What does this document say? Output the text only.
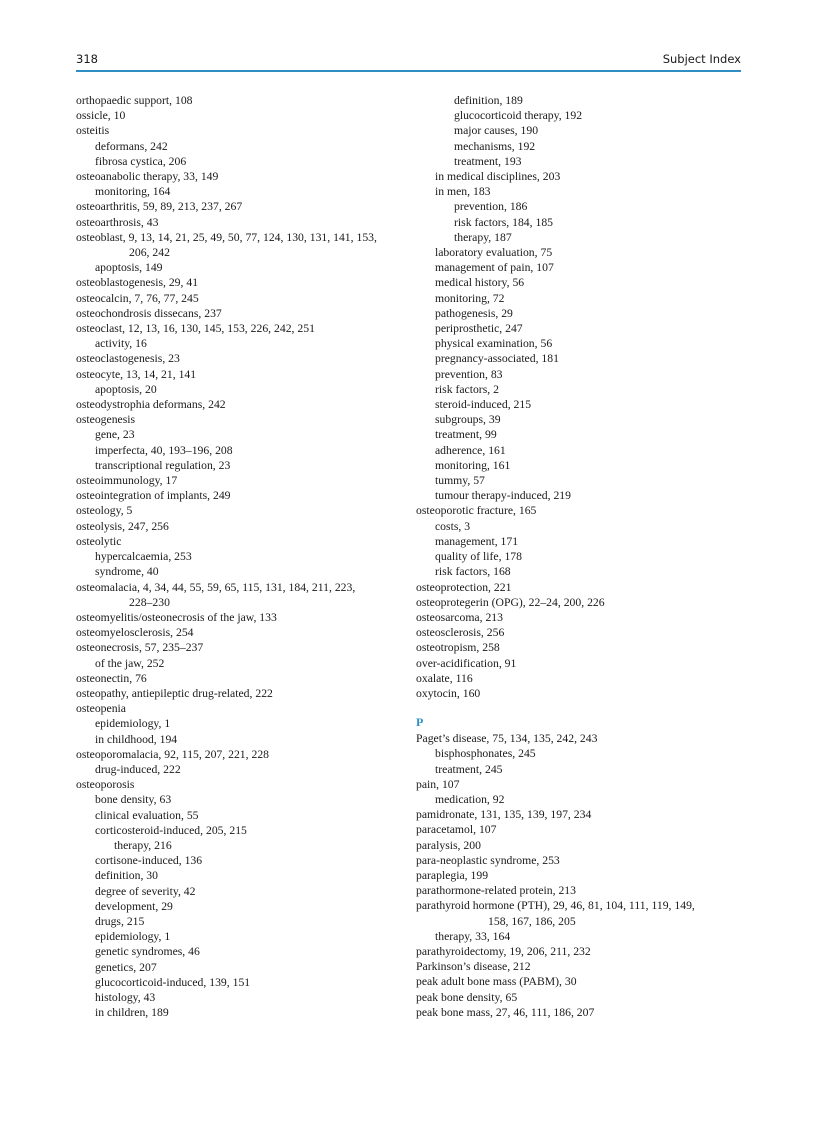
318	Subject Index
orthopaedic support, 108
ossicle, 10
osteitis
deformans, 242
fibrosa cystica, 206
osteoanabolic therapy, 33, 149
monitoring, 164
osteoarthritis, 59, 89, 213, 237, 267
osteoarthrosis, 43
osteoblast, 9, 13, 14, 21, 25, 49, 50, 77, 124, 130, 131, 141, 153,
206, 242
apoptosis, 149
osteoblastogenesis, 29, 41
osteocalcin, 7, 76, 77, 245
osteochondrosis dissecans, 237
osteoclast, 12, 13, 16, 130, 145, 153, 226, 242, 251
activity, 16
osteoclastogenesis, 23
osteocyte, 13, 14, 21, 141
apoptosis, 20
osteodystrophia deformans, 242
osteogenesis
gene, 23
imperfecta, 40, 193–196, 208
transcriptional regulation, 23
osteoimmunology, 17
osteointegration of implants, 249
osteology, 5
osteolysis, 247, 256
osteolytic
hypercalcaemia, 253
syndrome, 40
osteomalacia, 4, 34, 44, 55, 59, 65, 115, 131, 184, 211, 223,
228–230
osteomyelitis/osteonecrosis of the jaw, 133
osteomyelosclerosis, 254
osteonecrosis, 57, 235–237
of the jaw, 252
osteonectin, 76
osteopathy, antiepileptic drug-related, 222
osteopenia
epidemiology, 1
in childhood, 194
osteoporomalacia, 92, 115, 207, 221, 228
drug-induced, 222
osteoporosis
bone density, 63
clinical evaluation, 55
corticosteroid-induced, 205, 215
therapy, 216
cortisone-induced, 136
definition, 30
degree of severity, 42
development, 29
drugs, 215
epidemiology, 1
genetic syndromes, 46
genetics, 207
glucocorticoid-induced, 139, 151
histology, 43
in children, 189
definition, 189
glucocorticoid therapy, 192
major causes, 190
mechanisms, 192
treatment, 193
in medical disciplines, 203
in men, 183
prevention, 186
risk factors, 184, 185
therapy, 187
laboratory evaluation, 75
management of pain, 107
medical history, 56
monitoring, 72
pathogenesis, 29
periprosthetic, 247
physical examination, 56
pregnancy-associated, 181
prevention, 83
risk factors, 2
steroid-induced, 215
subgroups, 39
treatment, 99
adherence, 161
monitoring, 161
tummy, 57
tumour therapy-induced, 219
osteoporotic fracture, 165
costs, 3
management, 171
quality of life, 178
risk factors, 168
osteoprotection, 221
osteoprotegerin (OPG), 22–24, 200, 226
osteosarcoma, 213
osteosclerosis, 256
osteotropism, 258
over-acidification, 91
oxalate, 116
oxytocin, 160
P
Paget’s disease, 75, 134, 135, 242, 243
bisphosphonates, 245
treatment, 245
pain, 107
medication, 92
pamidronate, 131, 135, 139, 197, 234
paracetamol, 107
paralysis, 200
para-neoplastic syndrome, 253
paraplegia, 199
parathormone-related protein, 213
parathyroid hormone (PTH), 29, 46, 81, 104, 111, 119, 149,
158, 167, 186, 205
therapy, 33, 164
parathyroidectomy, 19, 206, 211, 232
Parkinson’s disease, 212
peak adult bone mass (PABM), 30
peak bone density, 65
peak bone mass, 27, 46, 111, 186, 207
